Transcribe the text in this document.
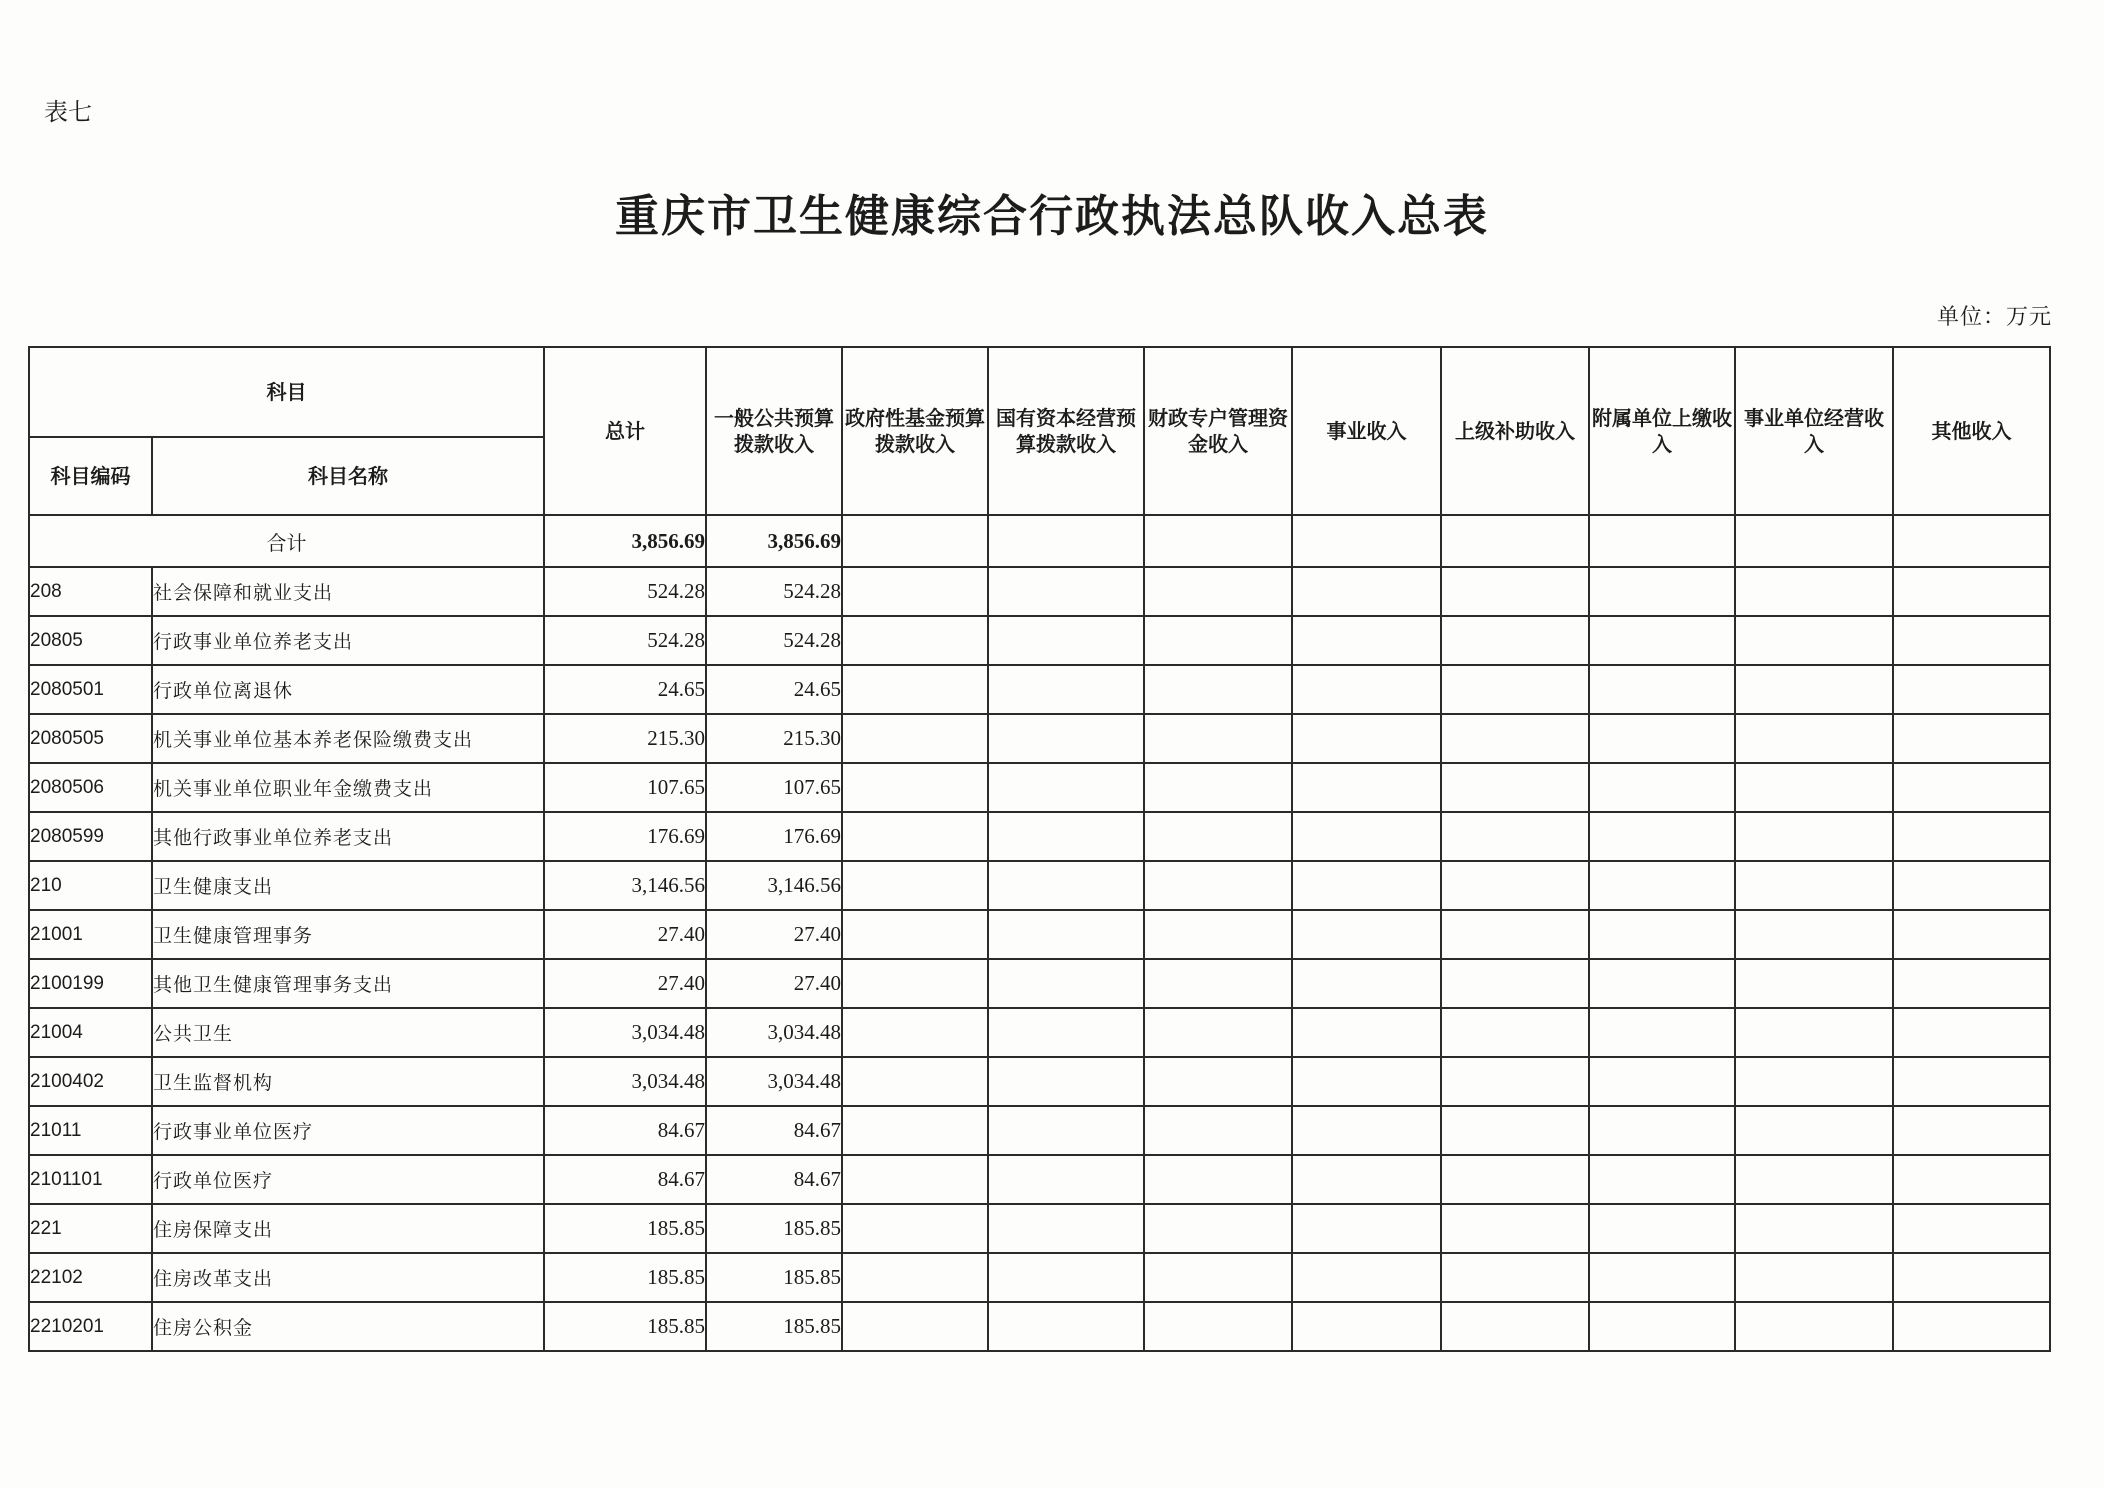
表七
重庆市卫生健康综合行政执法总队收入总表
单位：万元
科目		总计	一般公共预算拨款收入	政府性基金预算拨款收入	国有资本经营预算拨款收入	财政专户管理资金收入	事业收入	上级补助收入	附属单位上缴收入	事业单位经营收入	其他收入
科目编码	科目名称										
合计		3,856.69	3,856.69								
208	社会保障和就业支出	524.28	524.28								
20805	行政事业单位养老支出	524.28	524.28								
2080501	行政单位离退休	24.65	24.65								
2080505	机关事业单位基本养老保险缴费支出	215.30	215.30								
2080506	机关事业单位职业年金缴费支出	107.65	107.65								
2080599	其他行政事业单位养老支出	176.69	176.69								
210	卫生健康支出	3,146.56	3,146.56								
21001	卫生健康管理事务	27.40	27.40								
2100199	其他卫生健康管理事务支出	27.40	27.40								
21004	公共卫生	3,034.48	3,034.48								
2100402	卫生监督机构	3,034.48	3,034.48								
21011	行政事业单位医疗	84.67	84.67								
2101101	行政单位医疗	84.67	84.67								
221	住房保障支出	185.85	185.85								
22102	住房改革支出	185.85	185.85								
2210201	住房公积金	185.85	185.85								
